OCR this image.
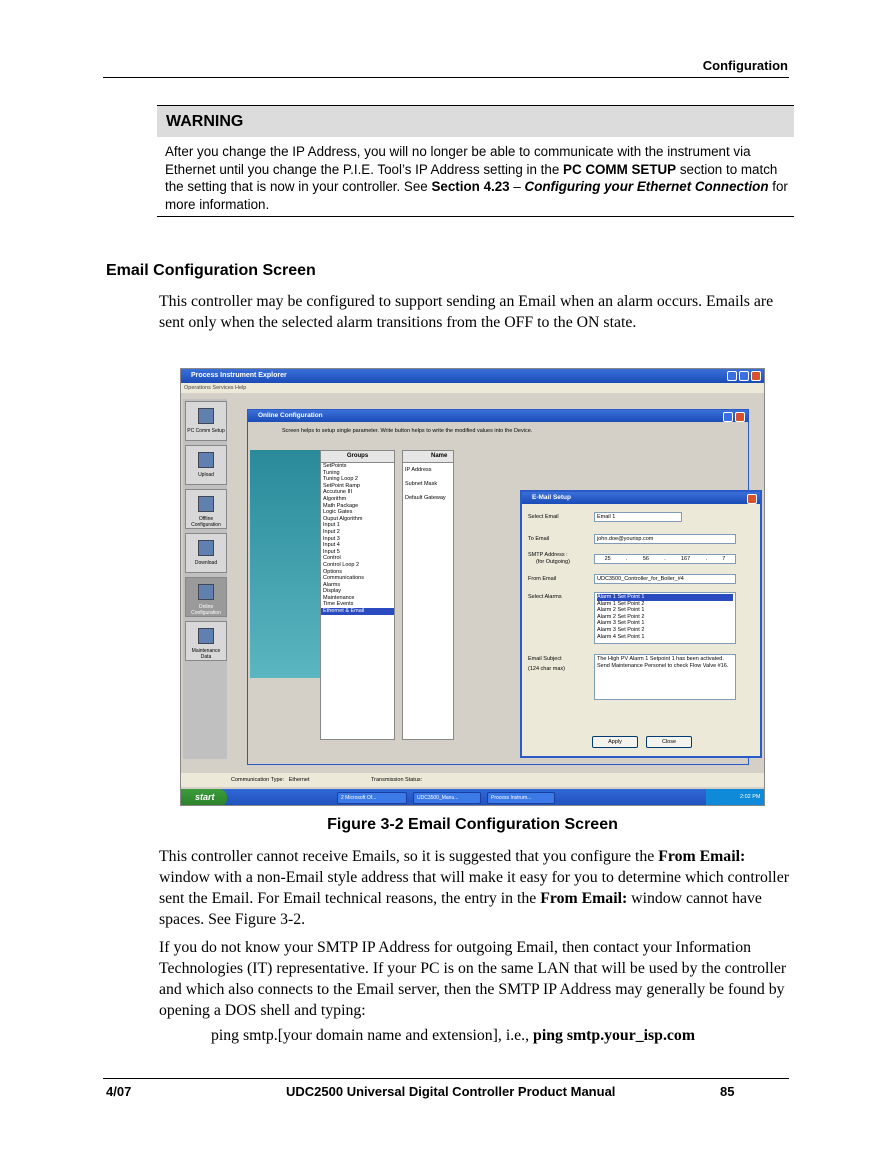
Configuration
WARNING
After you change the IP Address, you will no longer be able to communicate with the instrument via Ethernet until you change the P.I.E. Tool’s IP Address setting in the PC COMM SETUP section to match the setting that is now in your controller. See Section 4.23 – Configuring your Ethernet Connection for more information.
Email Configuration Screen
This controller may be configured to support sending an Email when an alarm occurs. Emails are sent only when the selected alarm transitions from the OFF to the ON state.
Process Instrument Explorer
Operations Services Help
PC Comm Setup
Upload
Offline Configuration
Download
Online Configuration
Maintenance Data
Online Configuration
Screen helps to setup single parameter. Write button helps to write the modified values into the Device.
Groups
SetPoints
Tuning
Tuning Loop 2
SetPoint Ramp
Accutune III
Algorithm
Math Package
Logic Gates
Ouput Algorithm
Input 1
Input 2
Input 3
Input 4
Input 5
Control
Control Loop 2
Options
Communications
Alarms
Display
Maintenance
Time Events
Ethernet & Email
Name
IP Address
Subnet Mask
Default Gateway	E-Mail Setup
Select Email	Email 1
To Email	john.doe@yourisp.com
SMTP Address :
(for Outgoing)	25	.	56	.	167	.	7
From Email	UDC3500_Controller_for_Boiler_#4
Select Alarms	Alarm 1 Set Point 1
Alarm 1 Set Point 2
Alarm 2 Set Point 1
Alarm 2 Set Point 2
Alarm 3 Set Point 1
Alarm 3 Set Point 2
Alarm 4 Set Point 1
Email Subject
(124 char max)
The High PV Alarm 1 Setpoint 1 has been activated. Send Maintenance Personel to check Flow Valve #16.
Apply	Close
Communication Type: Ethernet	Transmission Status:
start	2 Microsoft Of...	UDC3500_Manu...	Process Instrum...	2:02 PM
Figure 3-2 Email Configuration Screen
This controller cannot receive Emails, so it is suggested that you configure the From Email: window with a non-Email style address that will make it easy for you to determine which controller sent the Email. For Email technical reasons, the entry in the From Email: window cannot have spaces. See Figure 3-2.
If you do not know your SMTP IP Address for outgoing Email, then contact your Information Technologies (IT) representative. If your PC is on the same LAN that will be used by the controller and which also connects to the Email server, then the SMTP IP Address may generally be found by opening a DOS shell and typing:
ping smtp.[your domain name and extension], i.e., ping smtp.your_isp.com
4/07	UDC2500 Universal Digital Controller Product Manual	85
